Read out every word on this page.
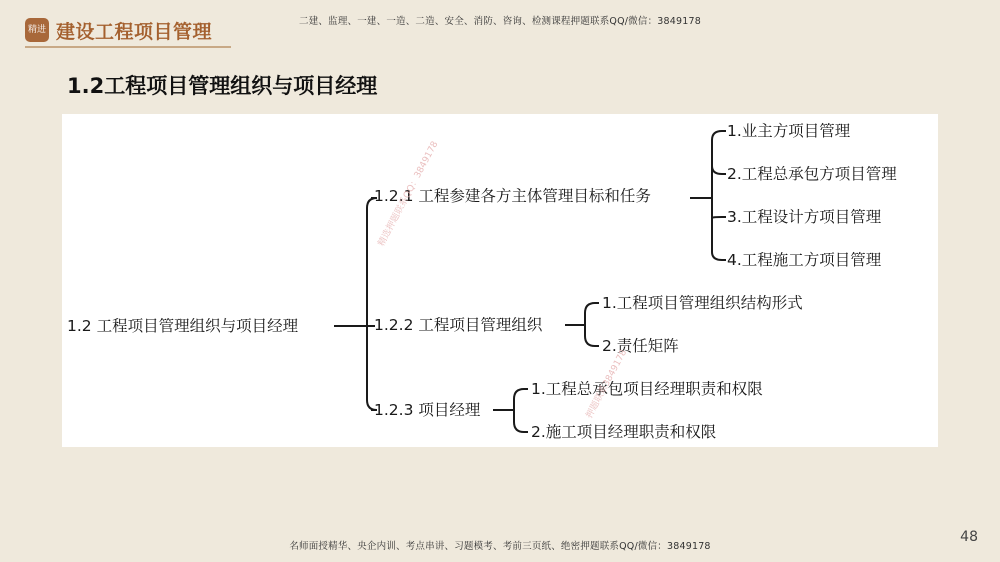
精进 建设工程项目管理	二建、监理、一建、一造、二造、安全、消防、咨询、检测课程押题联系QQ/微信：3849178
1.2工程项目管理组织与项目经理
1.2 工程项目管理组织与项目经理
1.2.1 工程参建各方主体管理目标和任务
1.2.2 工程项目管理组织
1.2.3 项目经理
1.业主方项目管理
2.工程总承包方项目管理
3.工程设计方项目管理
4.工程施工方项目管理
1.工程项目管理组织结构形式
2.责任矩阵
1.工程总承包项目经理职责和权限
2.施工项目经理职责和权限
精选押题联系QQ：3849178
押题联系3849178
名师面授精华、央企内训、考点串讲、习题模考、考前三页纸、绝密押题联系QQ/微信：3849178
48
